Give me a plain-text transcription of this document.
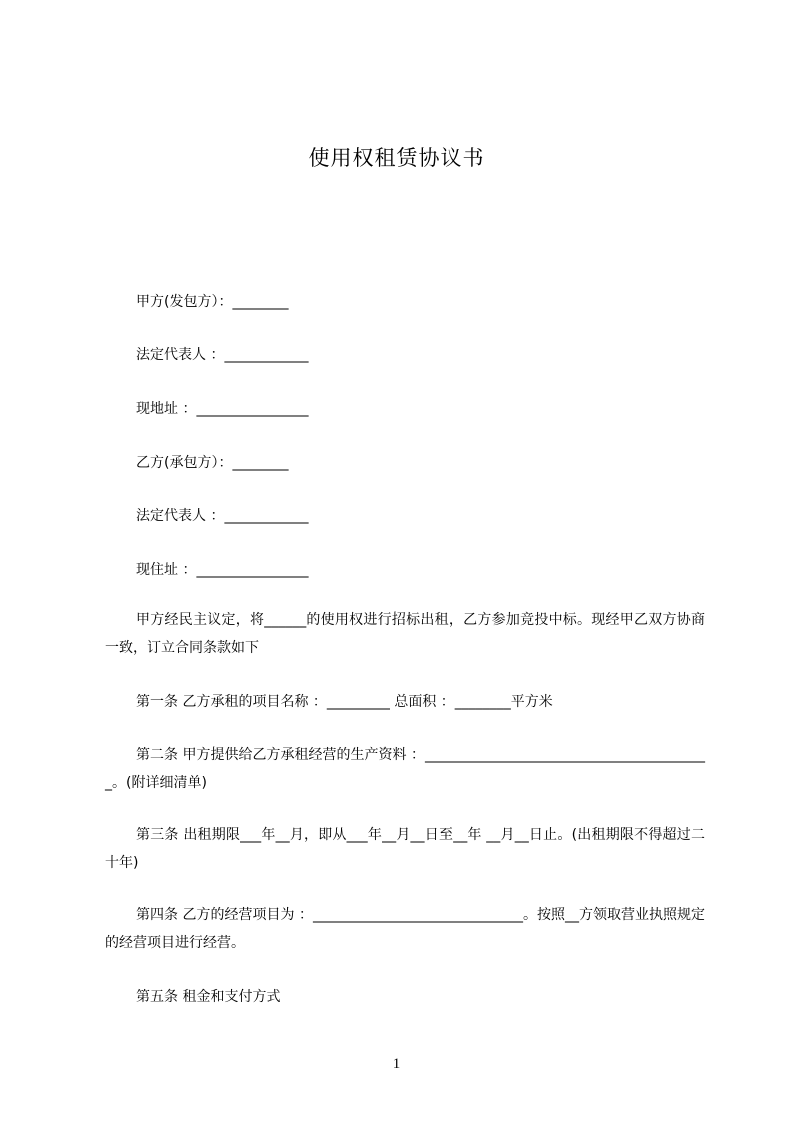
使用权租赁协议书
甲方(发包方）：________
法定代表人 ：____________
现地址 ：________________
乙方(承包方）：________
法定代表人 ：____________
现住址 ：________________
甲方经民主议定，将______的使用权进行招标出租，乙方参加竞投中标。现经甲乙双方协商一致，订立合同条款如下
第一条 乙方承租的项目名称 ：_________ 总面积 ：________平方米
第二条 甲方提供给乙方承租经营的生产资料 ：_________________________________________。(附详细清单)
第三条 出租期限___年__月，即从___年__月__日至__年 __月__日止。(出租期限不得超过二十年)
第四条 乙方的经营项目为 ：______________________________。按照__方领取营业执照规定的经营项目进行经营。
第五条 租金和支付方式
1
